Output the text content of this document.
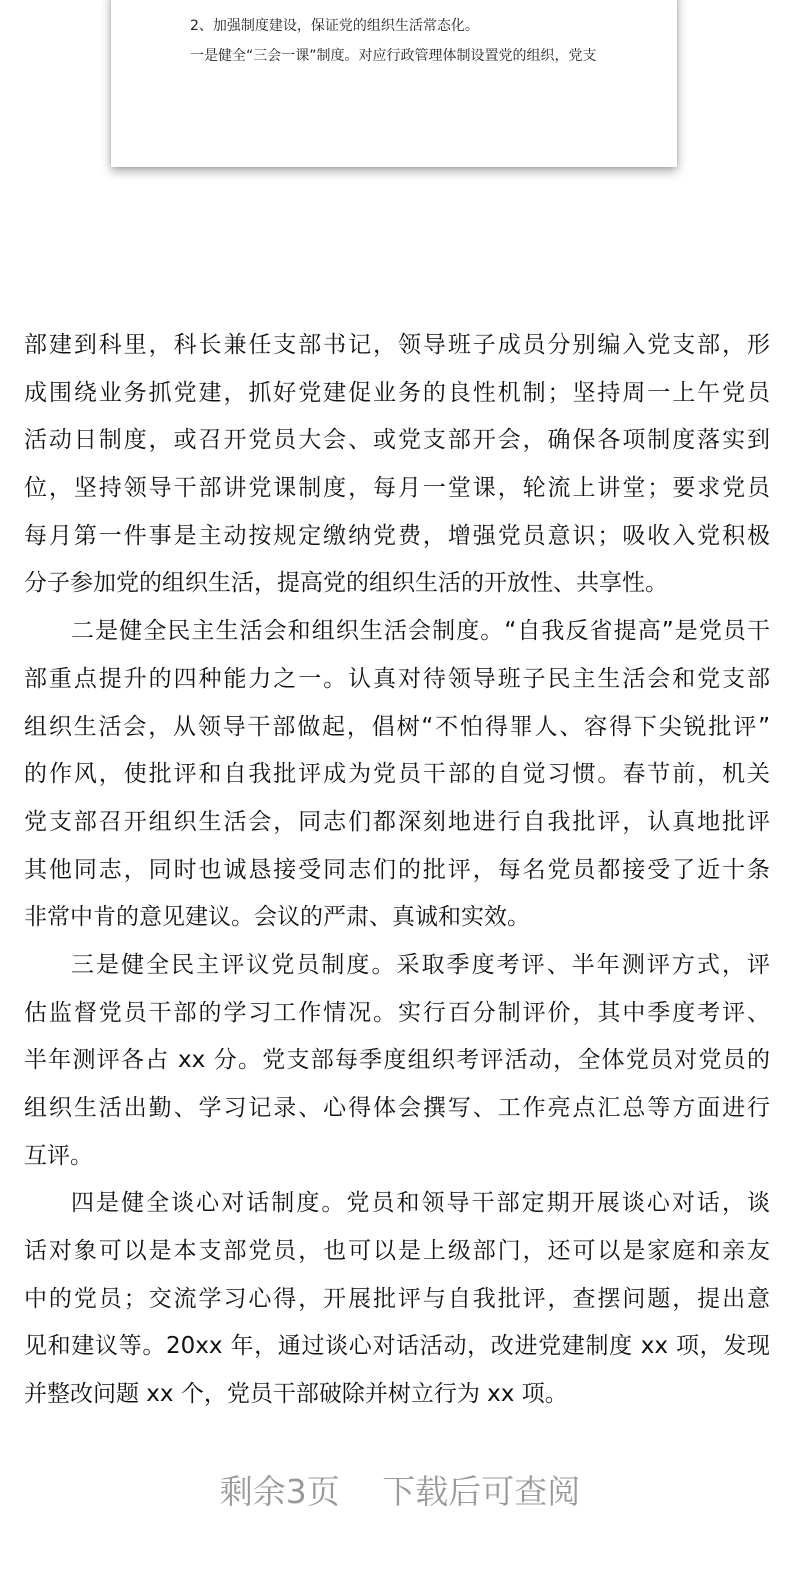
2、加强制度建设，保证党的组织生活常态化。
一是健全“三会一课”制度。对应行政管理体制设置党的组织，党支
部建到科里，科长兼任支部书记，领导班子成员分别编入党支部，形
成围绕业务抓党建，抓好党建促业务的良性机制；坚持周一上午党员
活动日制度，或召开党员大会、或党支部开会，确保各项制度落实到
位，坚持领导干部讲党课制度，每月一堂课，轮流上讲堂；要求党员
每月第一件事是主动按规定缴纳党费，增强党员意识；吸收入党积极
分子参加党的组织生活，提高党的组织生活的开放性、共享性。
二是健全民主生活会和组织生活会制度。“自我反省提高”是党员干
部重点提升的四种能力之一。认真对待领导班子民主生活会和党支部
组织生活会，从领导干部做起，倡树“不怕得罪人、容得下尖锐批评”
的作风，使批评和自我批评成为党员干部的自觉习惯。春节前，机关
党支部召开组织生活会，同志们都深刻地进行自我批评，认真地批评
其他同志，同时也诚恳接受同志们的批评，每名党员都接受了近十条
非常中肯的意见建议。会议的严肃、真诚和实效。
三是健全民主评议党员制度。采取季度考评、半年测评方式，评
估监督党员干部的学习工作情况。实行百分制评价，其中季度考评、
半年测评各占 xx 分。党支部每季度组织考评活动，全体党员对党员的
组织生活出勤、学习记录、心得体会撰写、工作亮点汇总等方面进行
互评。
四是健全谈心对话制度。党员和领导干部定期开展谈心对话，谈
话对象可以是本支部党员，也可以是上级部门，还可以是家庭和亲友
中的党员；交流学习心得，开展批评与自我批评，查摆问题，提出意
见和建议等。20xx 年，通过谈心对话活动，改进党建制度 xx 项，发现
并整改问题 xx 个，党员干部破除并树立行为 xx 项。
剩余3页 下载后可查阅
